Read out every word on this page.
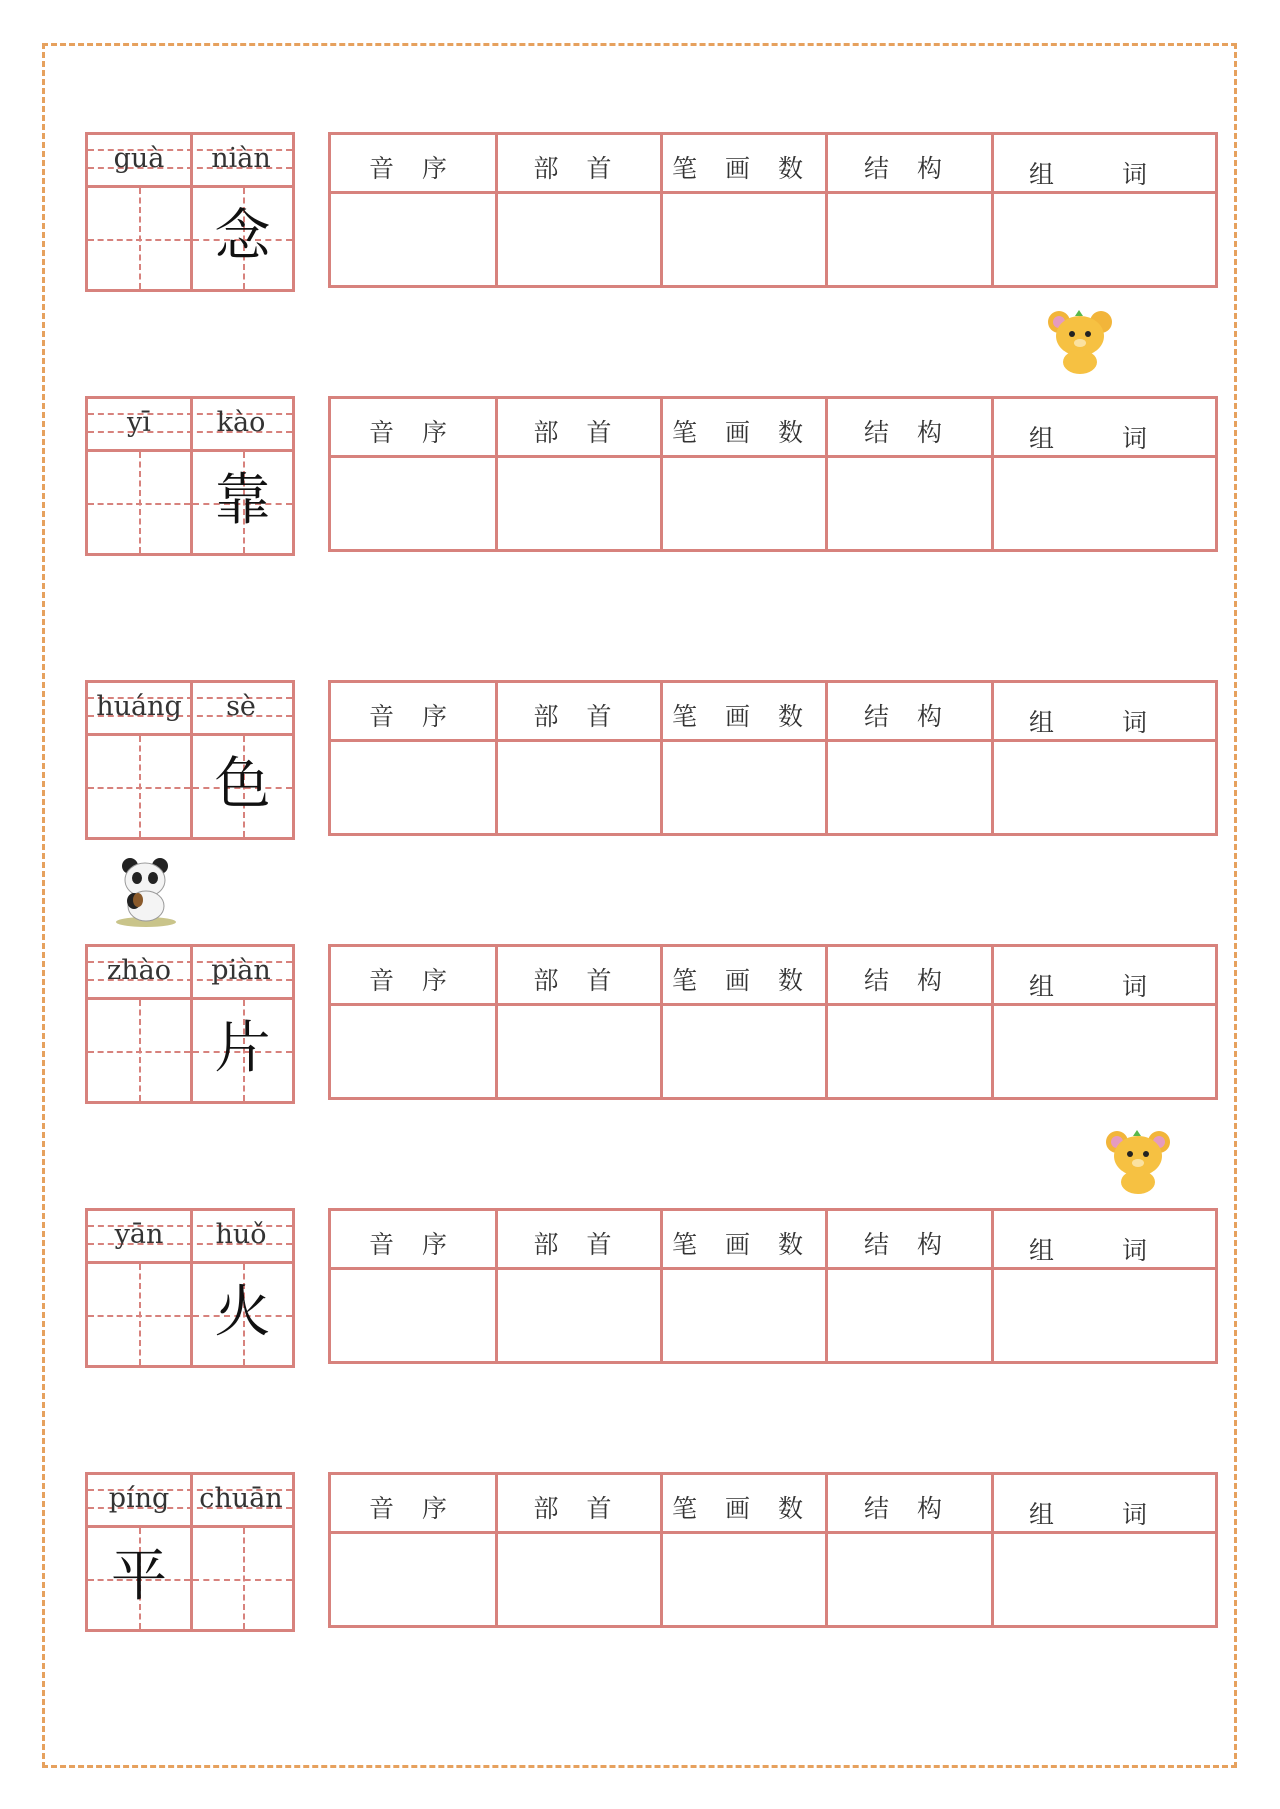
guà	niàn
念
音 序	部 首	笔 画 数	结 构	组 词
yī	kào
靠
音 序	部 首	笔 画 数	结 构	组 词
huáng	sè
色
音 序	部 首	笔 画 数	结 构	组 词
zhào	piàn
片
音 序	部 首	笔 画 数	结 构	组 词
yān	huǒ
火
音 序	部 首	笔 画 数	结 构	组 词
píng	chuān
平
音 序	部 首	笔 画 数	结 构	组 词
